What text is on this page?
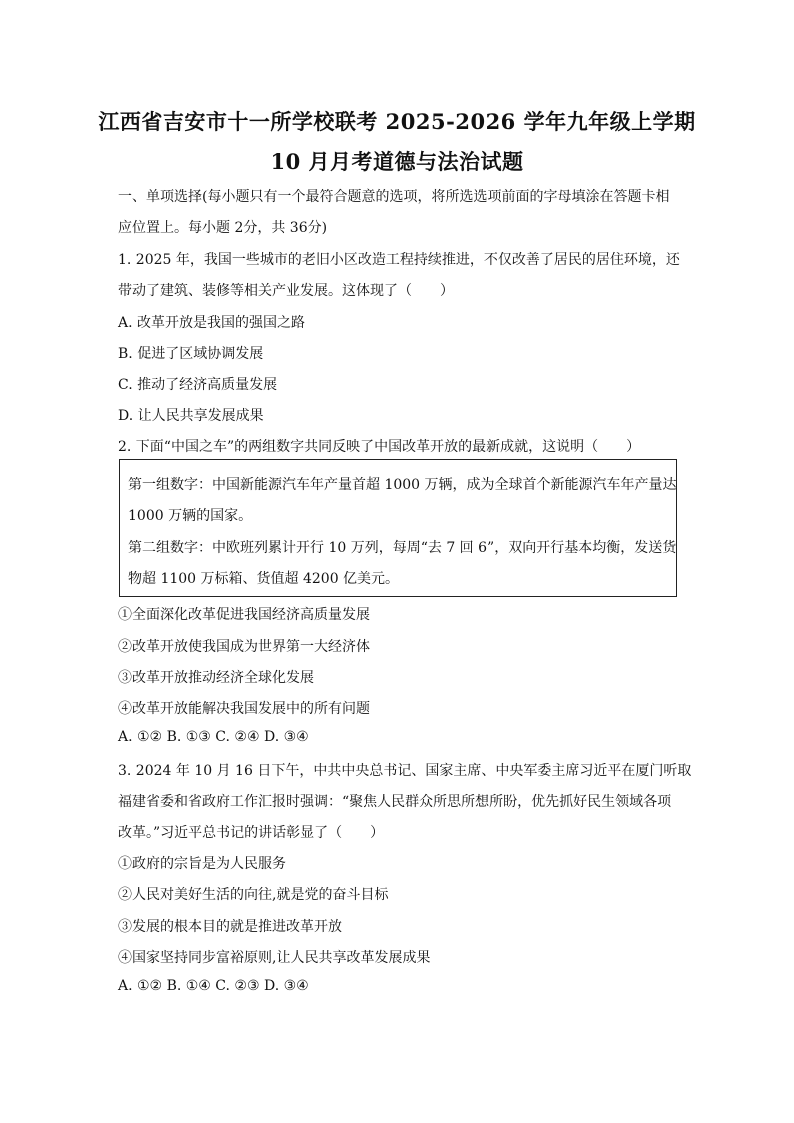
江西省吉安市十一所学校联考 2025-2026 学年九年级上学期
10 月月考道德与法治试题
一、单项选择(每小题只有一个最符合题意的选项，将所选选项前面的字母填涂在答题卡相
应位置上。每小题 2分，共 36分)
1. 2025 年，我国一些城市的老旧小区改造工程持续推进，不仅改善了居民的居住环境，还
带动了建筑、装修等相关产业发展。这体现了（　　）
A. 改革开放是我国的强国之路
B. 促进了区域协调发展
C. 推动了经济高质量发展
D. 让人民共享发展成果
2. 下面“中国之车”的两组数字共同反映了中国改革开放的最新成就，这说明（　　）
第一组数字：中国新能源汽车年产量首超 1000 万辆，成为全球首个新能源汽车年产量达
1000 万辆的国家。
第二组数字：中欧班列累计开行 10 万列，每周“去 7 回 6”，双向开行基本均衡，发送货
物超 1100 万标箱、货值超 4200 亿美元。
①全面深化改革促进我国经济高质量发展
②改革开放使我国成为世界第一大经济体
③改革开放推动经济全球化发展
④改革开放能解决我国发展中的所有问题
A. ①② B. ①③ C. ②④ D. ③④
3. 2024 年 10 月 16 日下午，中共中央总书记、国家主席、中央军委主席习近平在厦门听取
福建省委和省政府工作汇报时强调：“聚焦人民群众所思所想所盼，优先抓好民生领域各项
改革。”习近平总书记的讲话彰显了（　　）
①政府的宗旨是为人民服务
②人民对美好生活的向往,就是党的奋斗目标
③发展的根本目的就是推进改革开放
④国家坚持同步富裕原则,让人民共享改革发展成果
A. ①② B. ①④ C. ②③ D. ③④
